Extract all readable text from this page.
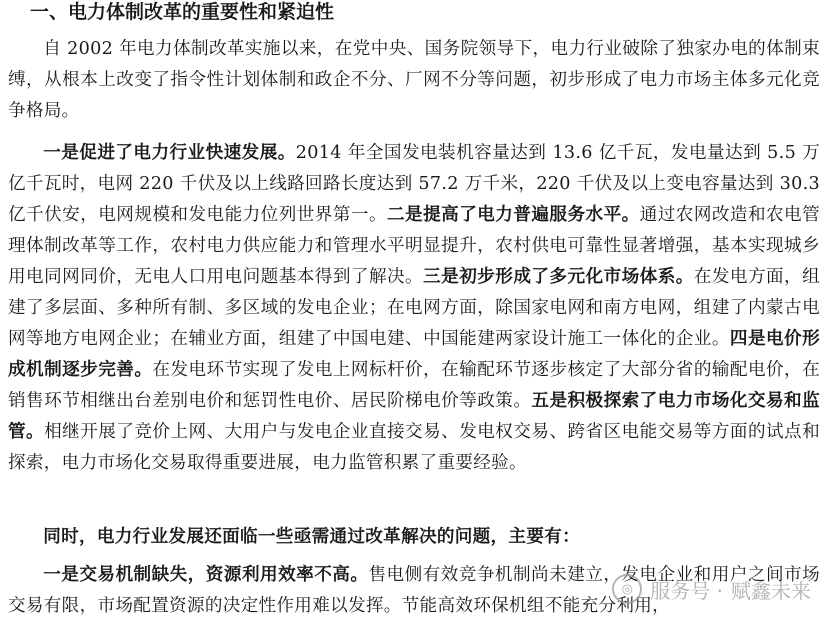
一、电力体制改革的重要性和紧迫性

自 2002 年电力体制改革实施以来，在党中央、国务院领导下，电力行业破除了独家办电的体制束缚，从根本上改变了指令性计划体制和政企不分、厂网不分等问题，初步形成了电力市场主体多元化竞争格局。

一是促进了电力行业快速发展。2014 年全国发电装机容量达到 13.6 亿千瓦，发电量达到 5.5 万亿千瓦时，电网 220 千伏及以上线路回路长度达到 57.2 万千米，220 千伏及以上变电容量达到 30.3 亿千伏安，电网规模和发电能力位列世界第一。二是提高了电力普遍服务水平。通过农网改造和农电管理体制改革等工作，农村电力供应能力和管理水平明显提升，农村供电可靠性显著增强，基本实现城乡用电同网同价，无电人口用电问题基本得到了解决。三是初步形成了多元化市场体系。在发电方面，组建了多层面、多种所有制、多区域的发电企业；在电网方面，除国家电网和南方电网，组建了内蒙古电网等地方电网企业；在辅业方面，组建了中国电建、中国能建两家设计施工一体化的企业。四是电价形成机制逐步完善。在发电环节实现了发电上网标杆价，在输配环节逐步核定了大部分省的输配电价，在销售环节相继出台差别电价和惩罚性电价、居民阶梯电价等政策。五是积极探索了电力市场化交易和监管。相继开展了竞价上网、大用户与发电企业直接交易、发电权交易、跨省区电能交易等方面的试点和探索，电力市场化交易取得重要进展，电力监管积累了重要经验。

同时，电力行业发展还面临一些亟需通过改革解决的问题，主要有：

一是交易机制缺失，资源利用效率不高。售电侧有效竞争机制尚未建立，发电企业和用户之间市场交易有限，市场配置资源的决定性作用难以发挥。节能高效环保机组不能充分利用，

◎ 服务号 · 赋鑫未来
